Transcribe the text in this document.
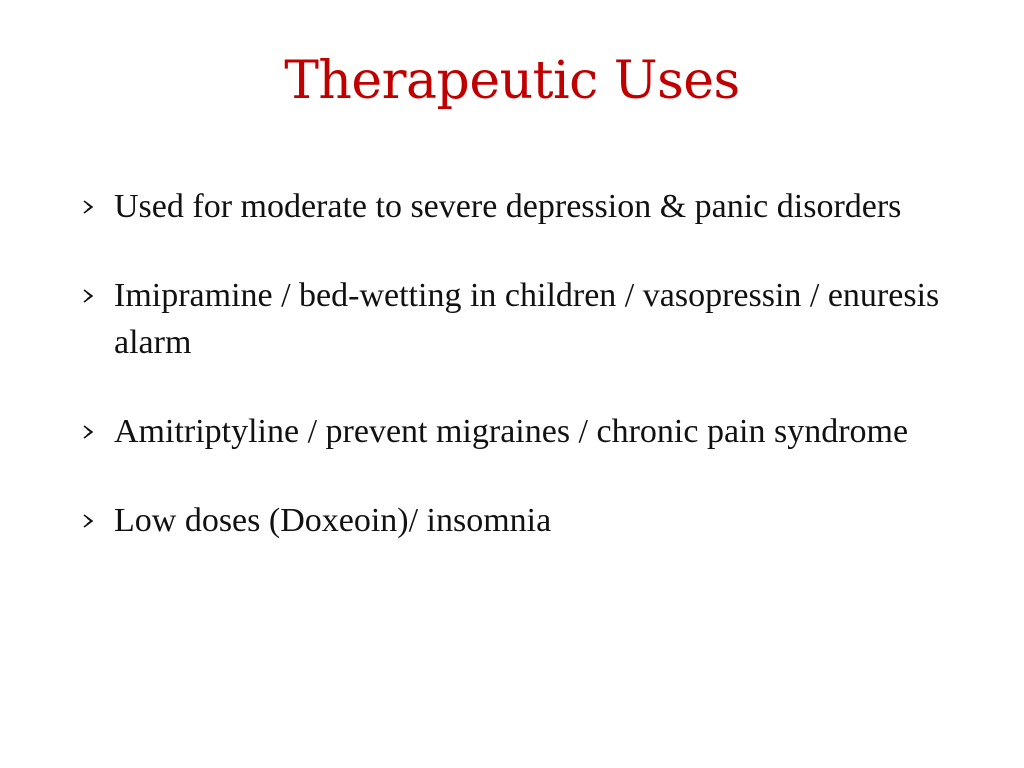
Therapeutic Uses
Used for moderate to severe depression & panic disorders
Imipramine / bed-wetting in children / vasopressin / enuresis alarm
Amitriptyline / prevent migraines / chronic pain syndrome
Low doses (Doxeoin)/ insomnia
